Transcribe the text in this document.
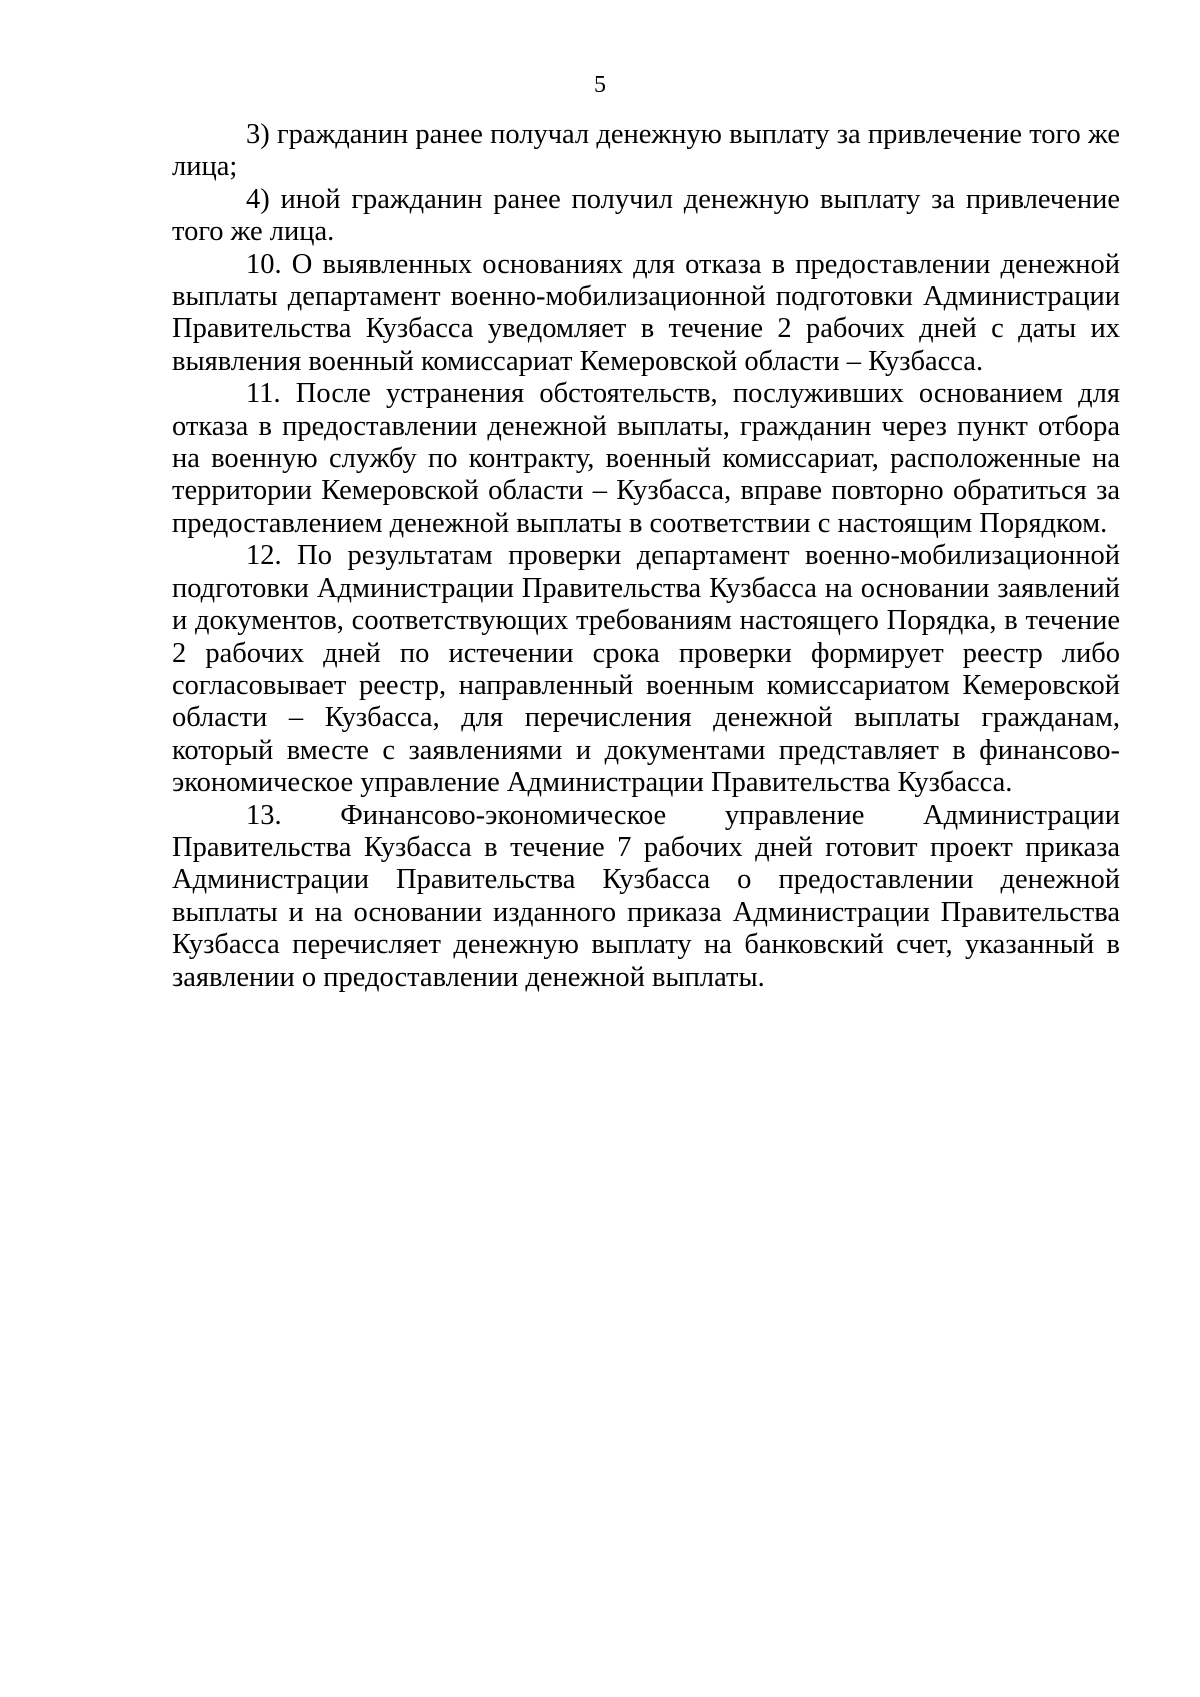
5

3) гражданин ранее получал денежную выплату за привлечение того же лица;

4) иной гражданин ранее получил денежную выплату за привлечение того же лица.

10. О выявленных основаниях для отказа в предоставлении денежной выплаты департамент военно-мобилизационной подготовки Администрации Правительства Кузбасса уведомляет в течение 2 рабочих дней с даты их выявления военный комиссариат Кемеровской области – Кузбасса.

11. После устранения обстоятельств, послуживших основанием для отказа в предоставлении денежной выплаты, гражданин через пункт отбора на военную службу по контракту, военный комиссариат, расположенные на территории Кемеровской области – Кузбасса, вправе повторно обратиться за предоставлением денежной выплаты в соответствии с настоящим Порядком.

12. По результатам проверки департамент военно-мобилизационной подготовки Администрации Правительства Кузбасса на основании заявлений и документов, соответствующих требованиям настоящего Порядка, в течение 2 рабочих дней по истечении срока проверки формирует реестр либо согласовывает реестр, направленный военным комиссариатом Кемеровской области – Кузбасса, для перечисления денежной выплаты гражданам, который вместе с заявлениями и документами представляет в финансово-экономическое управление Администрации Правительства Кузбасса.

13. Финансово-экономическое управление Администрации Правительства Кузбасса в течение 7 рабочих дней готовит проект приказа Администрации Правительства Кузбасса о предоставлении денежной выплаты и на основании изданного приказа Администрации Правительства Кузбасса перечисляет денежную выплату на банковский счет, указанный в заявлении о предоставлении денежной выплаты.
